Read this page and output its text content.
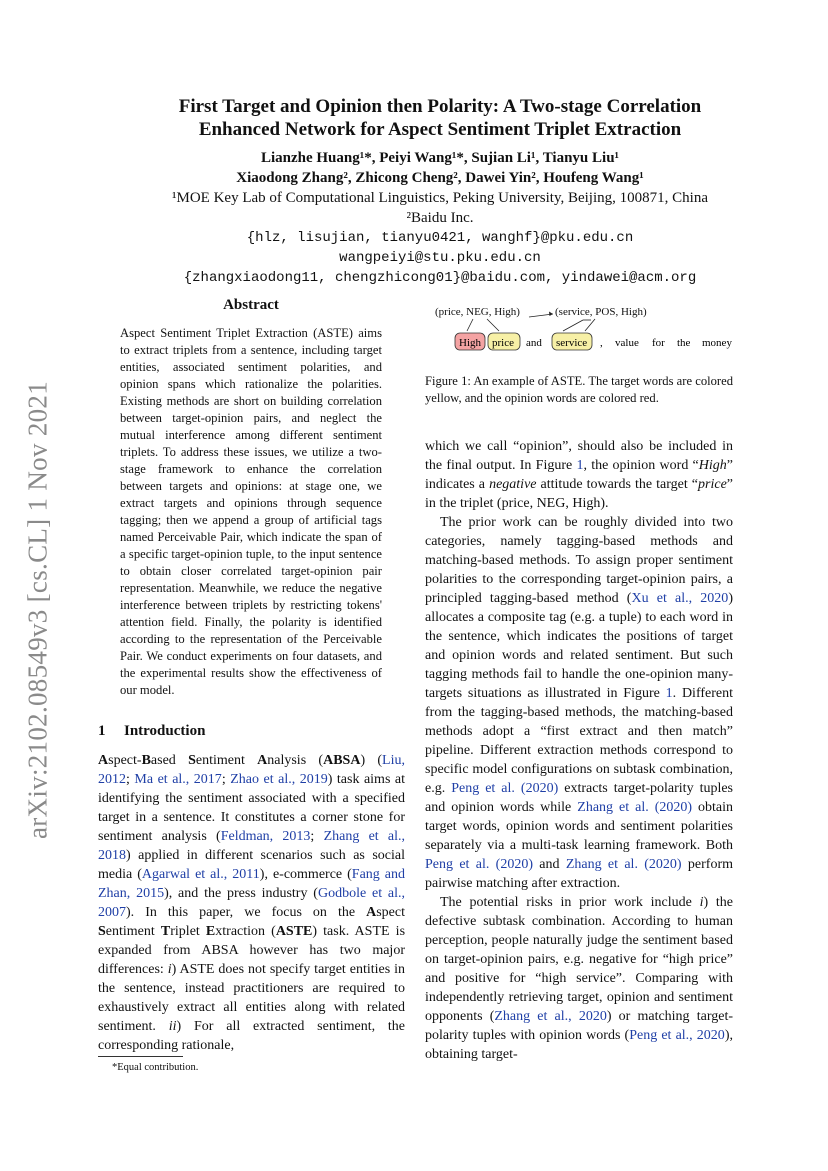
arXiv:2102.08549v3 [cs.CL] 1 Nov 2021
First Target and Opinion then Polarity: A Two-stage Correlation
Enhanced Network for Aspect Sentiment Triplet Extraction
Lianzhe Huang¹*, Peiyi Wang¹*, Sujian Li¹, Tianyu Liu¹
Xiaodong Zhang², Zhicong Cheng², Dawei Yin², Houfeng Wang¹
¹MOE Key Lab of Computational Linguistics, Peking University, Beijing, 100871, China
²Baidu Inc.
{hlz, lisujian, tianyu0421, wanghf}@pku.edu.cn
wangpeiyi@stu.pku.edu.cn
{zhangxiaodong11, chengzhicong01}@baidu.com, yindawei@acm.org
Abstract
Aspect Sentiment Triplet Extraction (ASTE) aims to extract triplets from a sentence, including target entities, associated sentiment polarities, and opinion spans which rationalize the polarities. Existing methods are short on building correlation between target-opinion pairs, and neglect the mutual interference among different sentiment triplets. To address these issues, we utilize a two-stage framework to enhance the correlation between targets and opinions: at stage one, we extract targets and opinions through sequence tagging; then we append a group of artificial tags named Perceivable Pair, which indicate the span of a specific target-opinion tuple, to the input sentence to obtain closer correlated target-opinion pair representation. Meanwhile, we reduce the negative interference between triplets by restricting tokens' attention field. Finally, the polarity is identified according to the representation of the Perceivable Pair. We conduct experiments on four datasets, and the experimental results show the effectiveness of our model.
(price, NEG, High)	(service, POS, High)
High price and service , value for the money
Figure 1: An example of ASTE. The target words are colored yellow, and the opinion words are colored red.
1 Introduction

Aspect-Based Sentiment Analysis (ABSA) (Liu, 2012; Ma et al., 2017; Zhao et al., 2019) task aims at identifying the sentiment associated with a specified target in a sentence. It constitutes a corner stone for sentiment analysis (Feldman, 2013; Zhang et al., 2018) applied in different scenarios such as social media (Agarwal et al., 2011), e-commerce (Fang and Zhan, 2015), and the press industry (Godbole et al., 2007). In this paper, we focus on the Aspect Sentiment Triplet Extraction (ASTE) task. ASTE is expanded from ABSA however has two major differences: i) ASTE does not specify target entities in the sentence, instead practitioners are required to exhaustively extract all entities along with related sentiment. ii) For all extracted sentiment, the corresponding rationale,

which we call “opinion”, should also be included in the final output. In Figure 1, the opinion word “High” indicates a negative attitude towards the target “price” in the triplet (price, NEG, High).

The prior work can be roughly divided into two categories, namely tagging-based methods and matching-based methods. To assign proper sentiment polarities to the corresponding target-opinion pairs, a principled tagging-based method (Xu et al., 2020) allocates a composite tag (e.g. a tuple) to each word in the sentence, which indicates the positions of target and opinion words and related sentiment. But such tagging methods fail to handle the one-opinion many-targets situations as illustrated in Figure 1. Different from the tagging-based methods, the matching-based methods adopt a “first extract and then match” pipeline. Different extraction methods correspond to specific model configurations on subtask combination, e.g. Peng et al. (2020) extracts target-polarity tuples and opinion words while Zhang et al. (2020) obtain target words, opinion words and sentiment polarities separately via a multi-task learning framework. Both Peng et al. (2020) and Zhang et al. (2020) perform pairwise matching after extraction.

The potential risks in prior work include i) the defective subtask combination. According to human perception, people naturally judge the sentiment based on target-opinion pairs, e.g. negative for “high price” and positive for “high service”. Comparing with independently retrieving target, opinion and sentiment opponents (Zhang et al., 2020) or matching target-polarity tuples with opinion words (Peng et al., 2020), obtaining target-

*Equal contribution.
